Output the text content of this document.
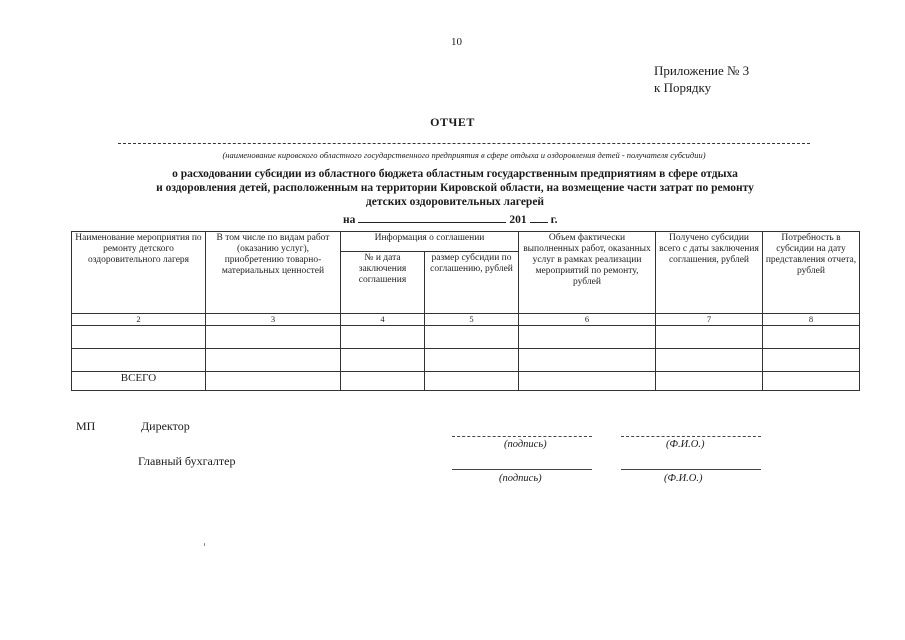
10
Приложение № 3
к Порядку
ОТЧЕТ
(наименование кировского областного государственного предприятия в сфере отдыха и оздоровления детей - получателя субсидии)
о расходовании субсидии из областного бюджета областным государственным предприятиям в сфере отдыха
и оздоровления детей, расположенным на территории Кировской области, на возмещение части затрат по ремонту
детских оздоровительных лагерей
на	201 г.
Наименование мероприятия по ремонту детского оздоровительного лагеря	В том числе по видам работ (оказанию услуг), приобретению товарно-материальных ценностей	Информация о соглашении		Объем фактически выполненных работ, оказанных услуг в рамках реализации мероприятий по ремонту, рублей	Получено субсидии всего с даты заключения соглашения, рублей	Потребность в субсидии на дату представления отчета, рублей
		№ и дата заключения соглашения	размер субсидии по соглашению, рублей			
2	3	4	5	6	7	8

ВСЕГО						
МП	Директор
(подпись)	(Ф.И.О.)
Главный бухгалтер
(подпись)	(Ф.И.О.)
